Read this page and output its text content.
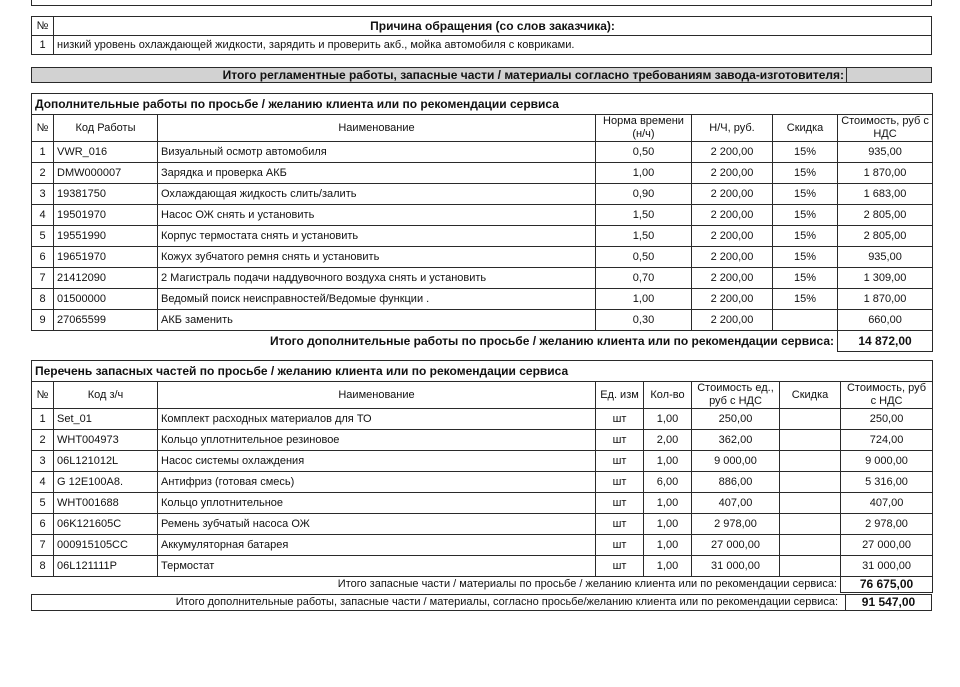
№	Причина обращения (со слов заказчика):
1	низкий уровень охлаждающей жидкости, зарядить и проверить акб., мойка автомобиля с ковриками.
Итого регламентные работы, запасные части / материалы согласно требованиям завода-изготовителя:
Дополнительные работы по просьбе / желанию клиента или по рекомендации сервиса						
№	Код Работы	Наименование	Норма времени (н/ч)	Н/Ч, руб.	Скидка	Стоимость, руб с НДС
1	VWR_016	Визуальный осмотр автомобиля	0,50	2 200,00	15%	935,00
2	DMW000007	Зарядка и проверка АКБ	1,00	2 200,00	15%	1 870,00
3	19381750	Охлаждающая жидкость слить/залить	0,90	2 200,00	15%	1 683,00
4	19501970	Насос ОЖ снять и установить	1,50	2 200,00	15%	2 805,00
5	19551990	Корпус термостата снять и установить	1,50	2 200,00	15%	2 805,00
6	19651970	Кожух зубчатого ремня снять и установить	0,50	2 200,00	15%	935,00
7	21412090	2 Магистраль подачи наддувочного воздуха снять и установить	0,70	2 200,00	15%	1 309,00
8	01500000	Ведомый поиск неисправностей/Ведомые функции .	1,00	2 200,00	15%	1 870,00
9	27065599	АКБ заменить	0,30	2 200,00		660,00
Итого дополнительные работы по просьбе / желанию клиента или по рекомендации сервиса:						14 872,00
Перечень запасных частей по просьбе / желанию клиента или по рекомендации сервиса							
№	Код з/ч	Наименование	Ед. изм	Кол-во	Стоимость ед., руб с НДС	Скидка	Стоимость, руб с НДС
1	Set_01	Комплект расходных материалов для ТО	шт	1,00	250,00		250,00
2	WHT004973	Кольцо уплотнительное резиновое	шт	2,00	362,00		724,00
3	06L121012L	Насос системы охлаждения	шт	1,00	9 000,00		9 000,00
4	G 12E100A8.	Антифриз (готовая смесь)	шт	6,00	886,00		5 316,00
5	WHT001688	Кольцо уплотнительное	шт	1,00	407,00		407,00
6	06K121605C	Ремень зубчатый насоса ОЖ	шт	1,00	2 978,00		2 978,00
7	000915105CC	Аккумуляторная батарея	шт	1,00	27 000,00		27 000,00
8	06L121111P	Термостат	шт	1,00	31 000,00		31 000,00
Итого запасные части / материалы по просьбе / желанию клиента или по рекомендации сервиса:							76 675,00
Итого дополнительные работы, запасные части / материалы, согласно просьбе/желанию клиента или по рекомендации сервиса:	91 547,00
